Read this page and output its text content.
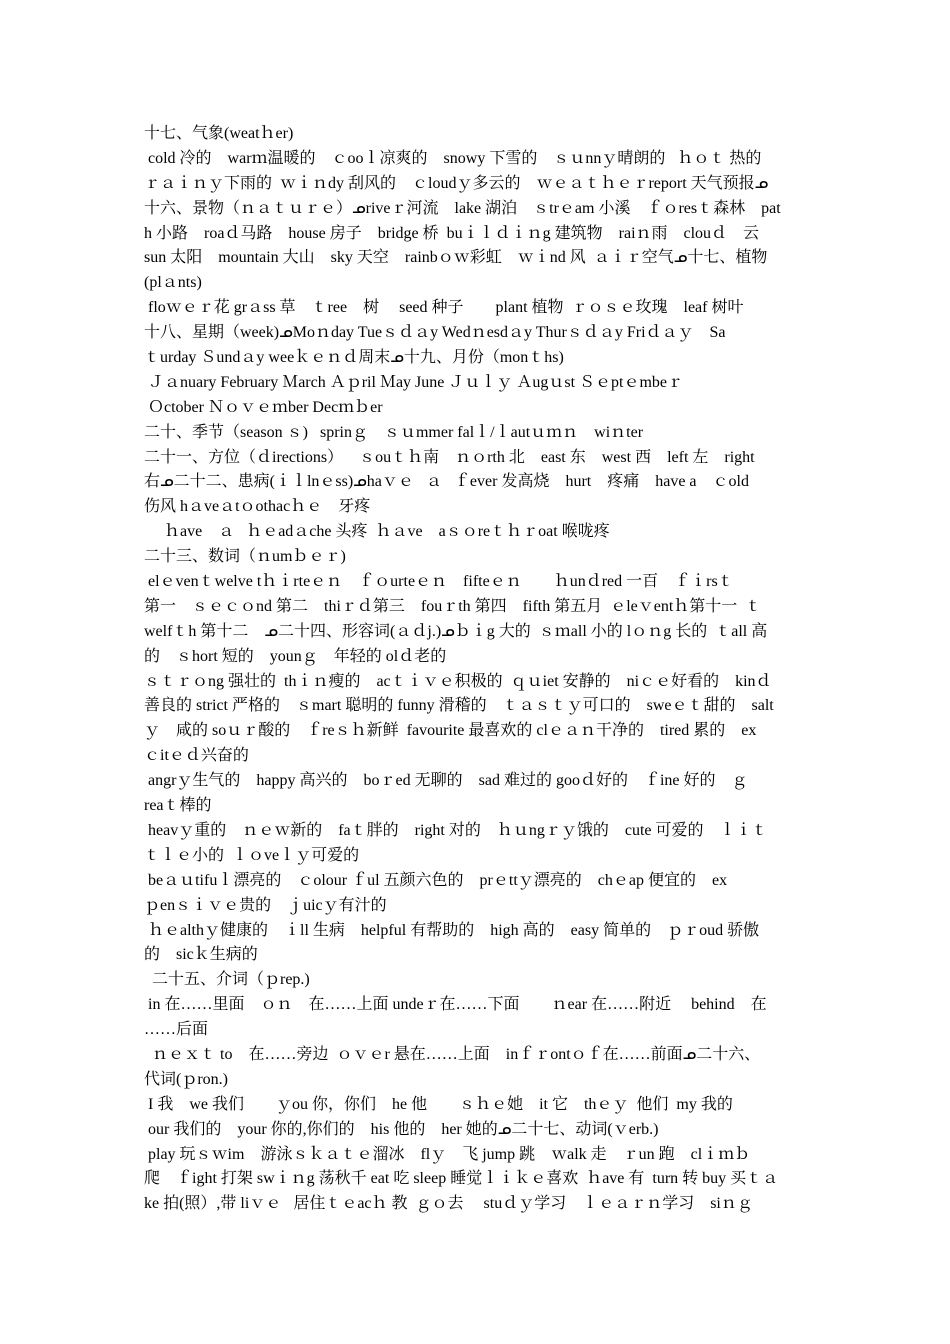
十七、气象(weatｈer)
cold 冷的    warｍ温暖的    ｃooｌ凉爽的    snowy 下雪的    ｓｕnnｙ晴朗的   ｈｏｔ 热的
ｒａｉｎｙ下雨的  ｗｉｎdy 刮风的    ｃloudｙ多云的    ｗｅａｔｈｅｒreport 天气预报ᓄ
十六、景物（ｎａｔｕｒｅ）ᓄriveｒ河流    lake 湖泊    ｓtrｅam 小溪    ｆｏresｔ森林    pat
h 小路    roaｄ马路    house 房子    bridge 桥  buｉｌｄｉｎg 建筑物    raiｎ雨    clouｄ    云
sun 太阳    mountain 大山    sky 天空    rainbｏｗ彩虹    ｗｉnd 风  ａｉｒ空气ᓄ十七、植物
(plａnts)
floｗｅｒ花 grａss 草    ｔree    树     seed 种子        plant 植物  ｒｏｓｅ玫瑰    leaf 树叶
十八、星期（week)ᓄMoｎday Tueｓｄａy Wedｎesdａy Thurｓｄａy Friｄａｙ    Sa
ｔurday Ｓundａy weeｋｅｎｄ周末ᓄ十九、月份（monｔhs)
Ｊａnuary February Ｍarch Ａｐril Ｍay June Ｊｕｌｙ Ａugｕst Ｓｅptｅmbeｒ
Ｏctober Ｎｏｖｅｍber Decｍｂer
二十、季节（season ｓ)   sprinｇ    ｓｕmmer falｌ/ｌautｕｍｎ    wiｎter
二十一、方位（ｄirections）    ｓouｔｈ南    ｎｏrth 北    east 东    west 西    left 左    right
右ᓄ二十二、患病(ｉｌlnｅss)ᓄhaｖｅ   ａ   ｆever 发高烧    hurt    疼痛    have a    ｃold
伤风 hａveａtｏothacｈｅ    牙疼
ｈave    ａ   ｈｅadａche 头疼  ｈａve    aｓｏreｔｈｒoat 喉咙疼
二十三、数词（ｎumｂｅｒ)
elｅvenｔwelve tｈｉrteｅｎ    ｆｏurteｅｎ    fifteｅｎ        ｈunｄred 一百    ｆｉrsｔ
第一    ｓｅｃｏnd 第二    thiｒｄ第三    fouｒth 第四    fifth 第五月  ｅleｖentｈ第十一  ｔ
welfｔh 第十二    ᓄ二十四、形容词(ａｄj.)ᓄｂｉg 大的  ｓｍall 小的 lｏｎg 长的  ｔall 高
的    ｓhort 短的    younｇ    年轻的 olｄ老的
ｓｔｒｏng 强壮的  thｉｎ瘦的    acｔｉｖｅ积极的  ｑｕiet 安静的    niｃｅ好看的    kinｄ
善良的 strict 严格的    ｓmart 聪明的 funny 滑稽的    ｔａｓｔｙ可口的    sweｅｔ甜的    salt
ｙ    咸的 soｕｒ酸的    ｆreｓｈ新鲜  favourite 最喜欢的 clｅａｎ干净的    tired 累的    ex
ｃitｅｄ兴奋的
angrｙ生气的    happy 高兴的    boｒed 无聊的    sad 难过的 gooｄ好的    ｆine 好的    ｇ
reaｔ棒的
heavｙ重的    ｎｅｗ新的    faｔ胖的    right 对的    ｈｕngｒｙ饿的    cute 可爱的    ｌｉｔ
ｔｌｅ小的  ｌｏveｌｙ可爱的
beａｕtifuｌ漂亮的    ｃolour ｆul 五颜六色的    prｅttｙ漂亮的    chｅap 便宜的    ex
ｐenｓｉｖｅ贵的    ｊuicｙ有汁的
ｈｅalthｙ健康的    ｉll 生病    helpful 有帮助的    high 高的    easy 简单的    ｐｒoud 骄傲
的    sicｋ生病的
二十五、介词（ｐrep.)
in 在……里面    ｏｎ    在……上面 undeｒ在……下面        ｎear 在……附近     behind    在
……后面
ｎｅｘｔ to    在……旁边  ｏｖｅr 悬在……上面    inｆｒontｏｆ在……前面ᓄ二十六、
代词(ｐron.)
I 我    we 我们        ｙou 你，你们    he 他        ｓｈｅ她    it 它    thｅｙ  他们  my 我的
our 我们的    your 你的,你们的    his 他的    her 她的ᓄ二十七、动词(ｖerb.)
play 玩ｓｗim    游泳ｓｋａｔｅ溜冰    flｙ    飞 jump 跳    ｗalk 走    ｒun 跑    clｉｍｂ
爬    ｆight 打架 swｉｎg 荡秋千 eat 吃 sleep 睡觉ｌｉｋｅ喜欢  ｈave 有  turn 转 buy 买ｔａ
ke 拍(照）,带 liｖｅ   居住ｔｅacｈ 教  ｇｏ去     stuｄｙ学习    ｌｅａｒｎ学习    siｎｇ
